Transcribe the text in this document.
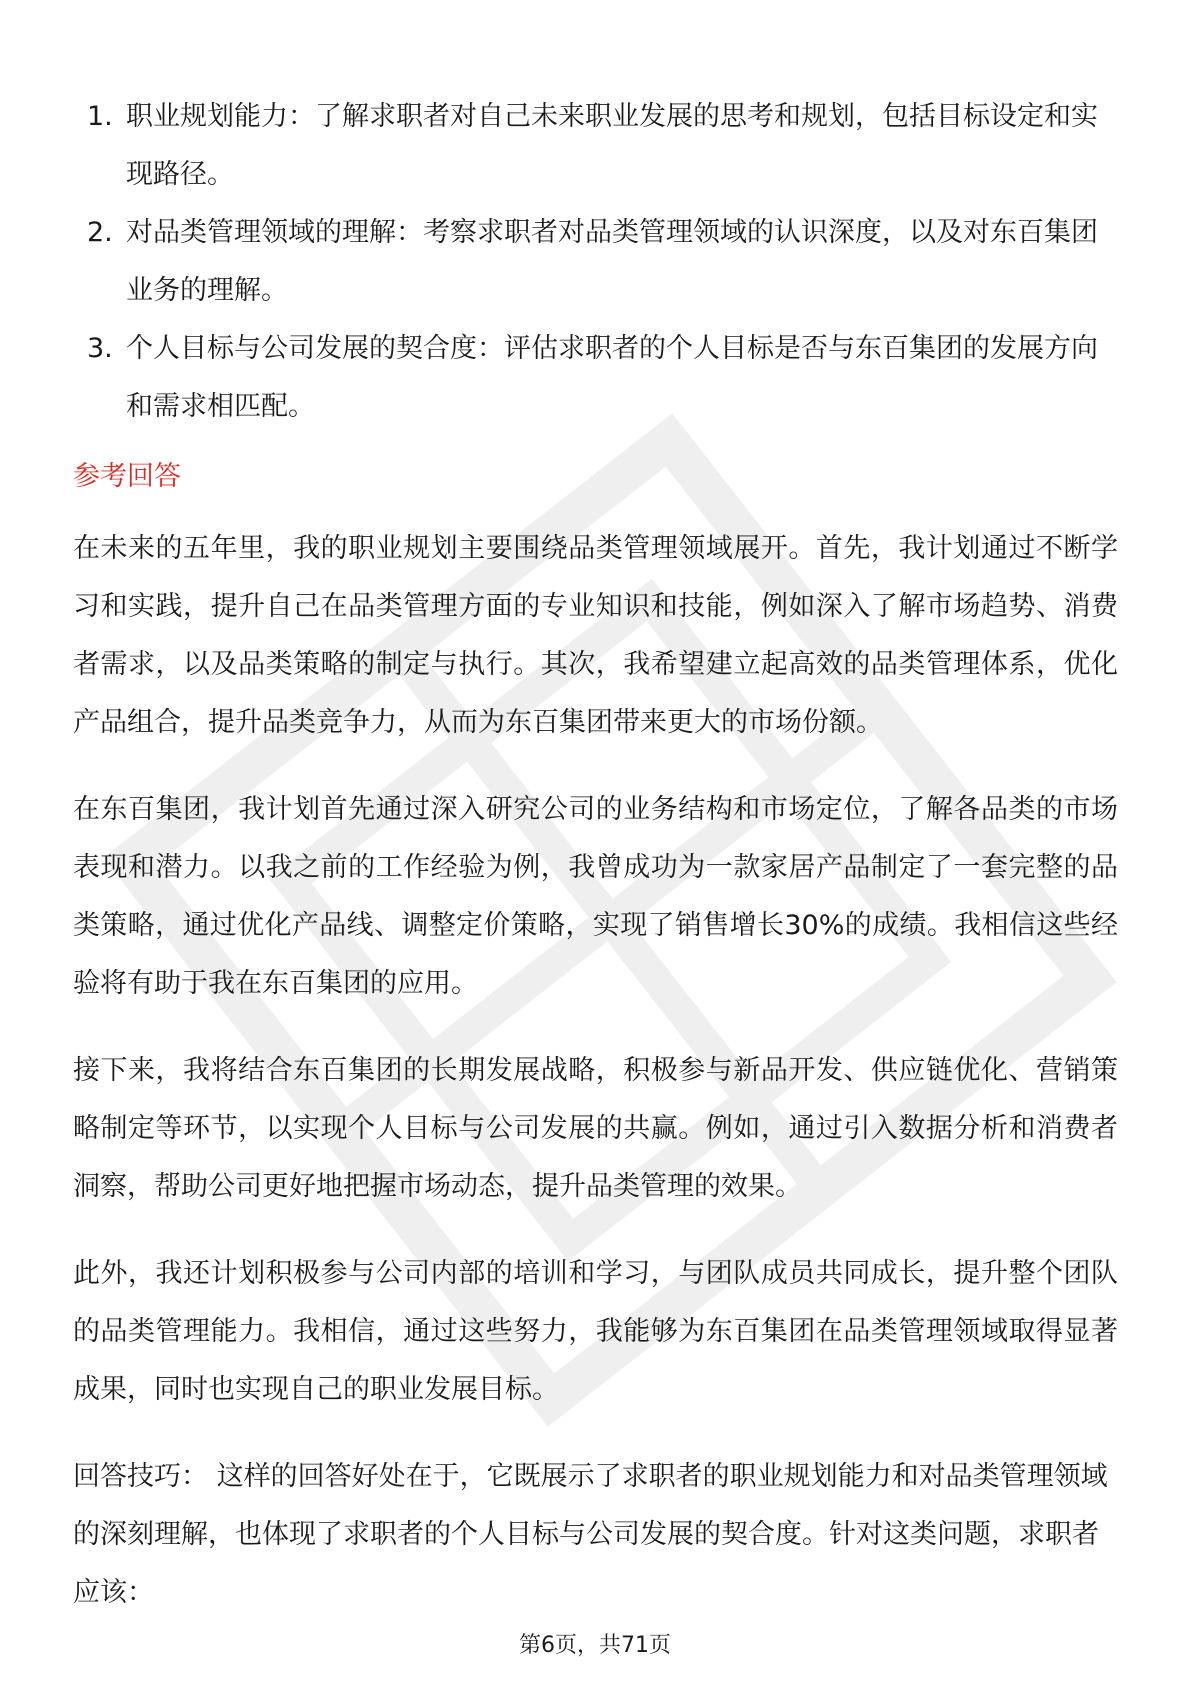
1. 职业规划能力：了解求职者对自己未来职业发展的思考和规划，包括目标设定和实现路径。
2. 对品类管理领域的理解：考察求职者对品类管理领域的认识深度，以及对东百集团业务的理解。
3. 个人目标与公司发展的契合度：评估求职者的个人目标是否与东百集团的发展方向和需求相匹配。
参考回答

在未来的五年里，我的职业规划主要围绕品类管理领域展开。首先，我计划通过不断学习和实践，提升自己在品类管理方面的专业知识和技能，例如深入了解市场趋势、消费者需求，以及品类策略的制定与执行。其次，我希望建立起高效的品类管理体系，优化产品组合，提升品类竞争力，从而为东百集团带来更大的市场份额。

在东百集团，我计划首先通过深入研究公司的业务结构和市场定位，了解各品类的市场表现和潜力。以我之前的工作经验为例，我曾成功为一款家居产品制定了一套完整的品类策略，通过优化产品线、调整定价策略，实现了销售增长30%的成绩。我相信这些经验将有助于我在东百集团的应用。

接下来，我将结合东百集团的长期发展战略，积极参与新品开发、供应链优化、营销策略制定等环节，以实现个人目标与公司发展的共赢。例如，通过引入数据分析和消费者洞察，帮助公司更好地把握市场动态，提升品类管理的效果。

此外，我还计划积极参与公司内部的培训和学习，与团队成员共同成长，提升整个团队的品类管理能力。我相信，通过这些努力，我能够为东百集团在品类管理领域取得显著成果，同时也实现自己的职业发展目标。

回答技巧： 这样的回答好处在于，它既展示了求职者的职业规划能力和对品类管理领域的深刻理解，也体现了求职者的个人目标与公司发展的契合度。针对这类问题，求职者应该：

第6页，共71页
